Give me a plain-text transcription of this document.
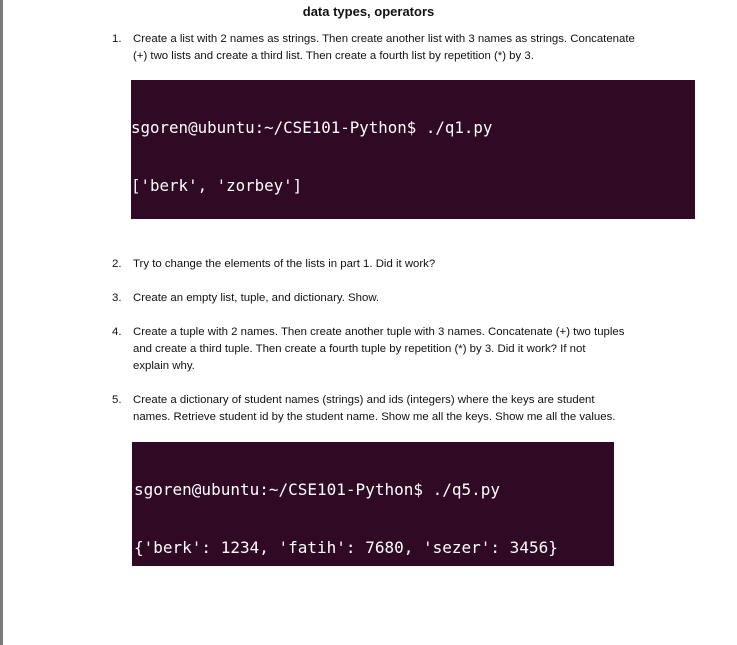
data types, operators
1. Create a list with 2 names as strings. Then create another list with 3 names as strings. Concatenate
(+) two lists and create a third list. Then create a fourth list by repetition (*) by 3.

sgoren@ubuntu:~/CSE101-Python$ ./q1.py

['berk', 'zorbey']

2. Try to change the elements of the lists in part 1. Did it work?
3. Create an empty list, tuple, and dictionary. Show.
4. Create a tuple with 2 names. Then create another tuple with 3 names. Concatenate (+) two tuples
and create a third tuple. Then create a fourth tuple by repetition (*) by 3. Did it work? If not
explain why.
5. Create a dictionary of student names (strings) and ids (integers) where the keys are student
names. Retrieve student id by the student name. Show me all the keys. Show me all the values.

sgoren@ubuntu:~/CSE101-Python$ ./q5.py

{'berk': 1234, 'fatih': 7680, 'sezer': 3456}
